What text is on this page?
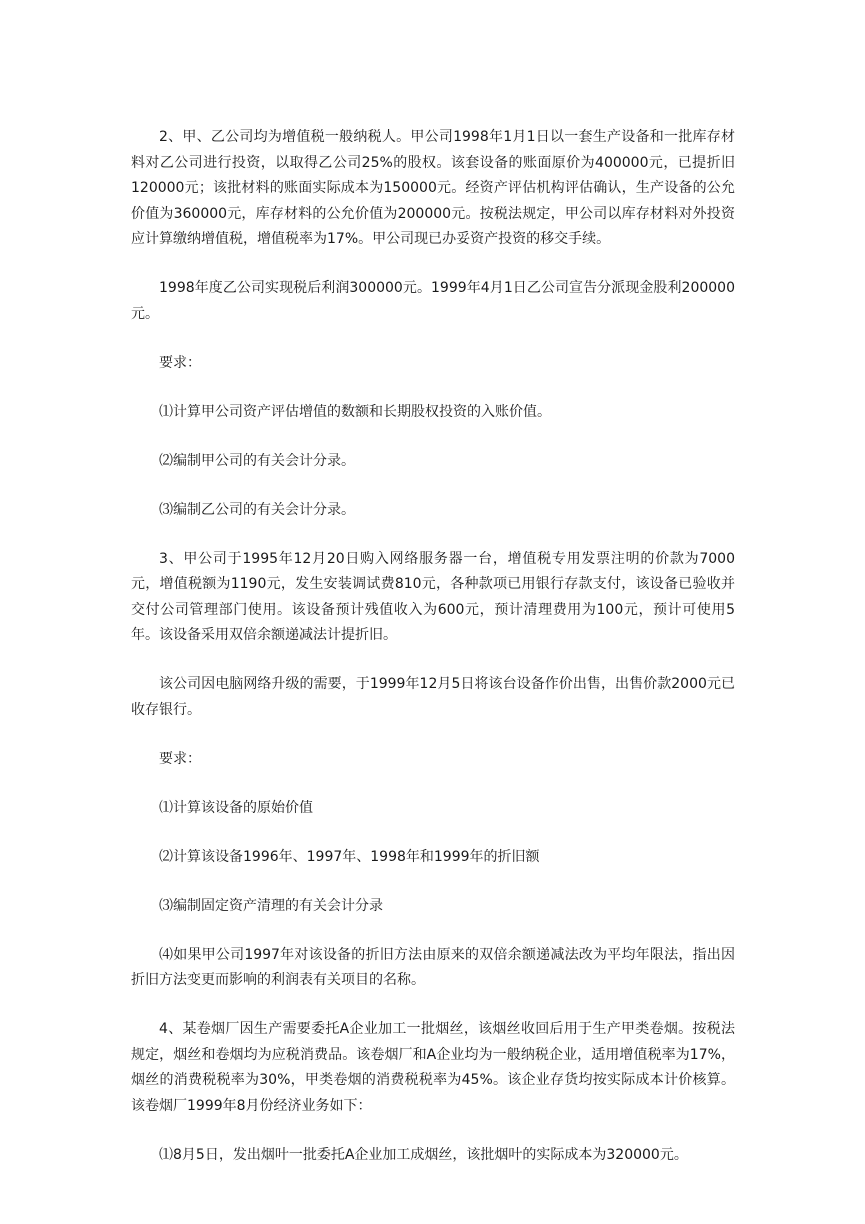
2、甲、乙公司均为增值税一般纳税人。甲公司1998年1月1日以一套生产设备和一批库存材料对乙公司进行投资，以取得乙公司25%的股权。该套设备的账面原价为400000元，已提折旧120000元；该批材料的账面实际成本为150000元。经资产评估机构评估确认，生产设备的公允价值为360000元，库存材料的公允价值为200000元。按税法规定，甲公司以库存材料对外投资应计算缴纳增值税，增值税率为17%。甲公司现已办妥资产投资的移交手续。

1998年度乙公司实现税后利润300000元。1999年4月1日乙公司宣告分派现金股利200000元。

要求：

⑴计算甲公司资产评估增值的数额和长期股权投资的入账价值。

⑵编制甲公司的有关会计分录。

⑶编制乙公司的有关会计分录。

3、甲公司于1995年12月20日购入网络服务器一台，增值税专用发票注明的价款为7000元，增值税额为1190元，发生安装调试费810元，各种款项已用银行存款支付，该设备已验收并交付公司管理部门使用。该设备预计残值收入为600元，预计清理费用为100元，预计可使用5年。该设备采用双倍余额递减法计提折旧。

该公司因电脑网络升级的需要，于1999年12月5日将该台设备作价出售，出售价款2000元已收存银行。

要求：

⑴计算该设备的原始价值

⑵计算该设备1996年、1997年、1998年和1999年的折旧额

⑶编制固定资产清理的有关会计分录

⑷如果甲公司1997年对该设备的折旧方法由原来的双倍余额递减法改为平均年限法，指出因折旧方法变更而影响的利润表有关项目的名称。

4、某卷烟厂因生产需要委托A企业加工一批烟丝，该烟丝收回后用于生产甲类卷烟。按税法规定，烟丝和卷烟均为应税消费品。该卷烟厂和A企业均为一般纳税企业，适用增值税率为17%，烟丝的消费税税率为30%，甲类卷烟的消费税税率为45%。该企业存货均按实际成本计价核算。该卷烟厂1999年8月份经济业务如下：

⑴8月5日，发出烟叶一批委托A企业加工成烟丝，该批烟叶的实际成本为320000元。
